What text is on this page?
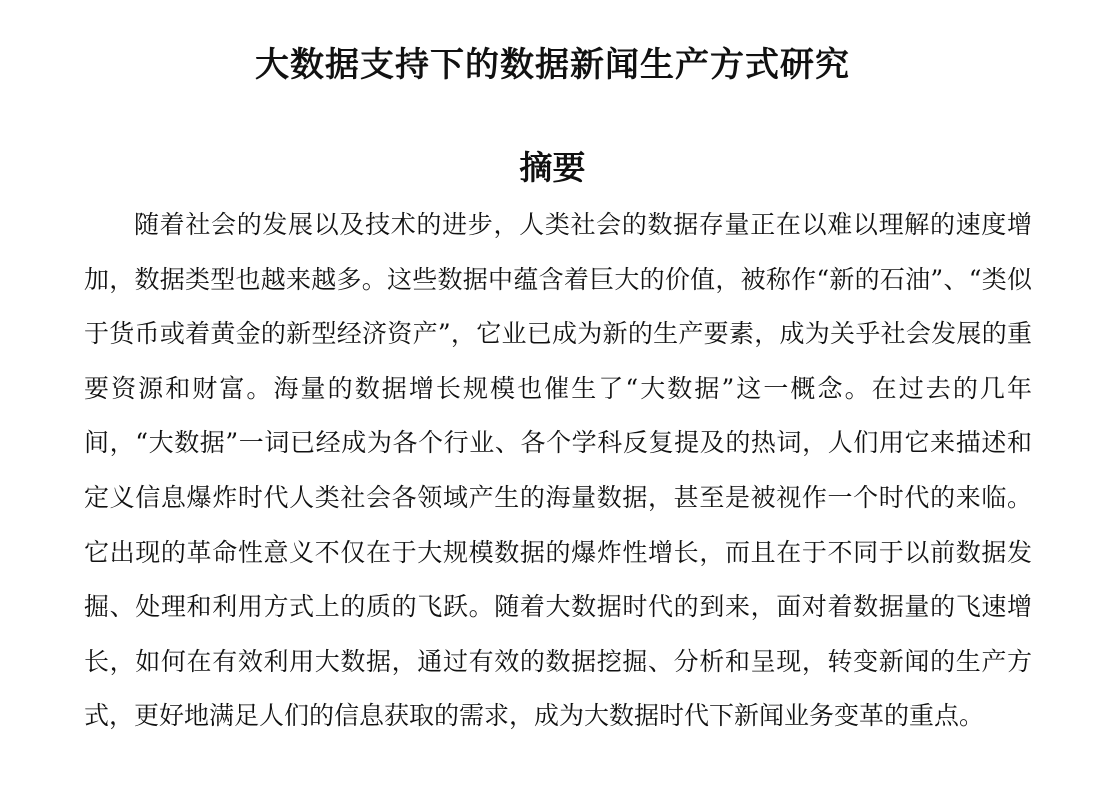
大数据支持下的数据新闻生产方式研究
摘要

随着社会的发展以及技术的进步，人类社会的数据存量正在以难以理解的速度增加，数据类型也越来越多。这些数据中蕴含着巨大的价值，被称作“新的石油”、“类似于货币或着黄金的新型经济资产”，它业已成为新的生产要素，成为关乎社会发展的重要资源和财富。海量的数据增长规模也催生了“大数据”这一概念。在过去的几年间，“大数据”一词已经成为各个行业、各个学科反复提及的热词，人们用它来描述和定义信息爆炸时代人类社会各领域产生的海量数据，甚至是被视作一个时代的来临。它出现的革命性意义不仅在于大规模数据的爆炸性增长，而且在于不同于以前数据发掘、处理和利用方式上的质的飞跃。随着大数据时代的到来，面对着数据量的飞速增长，如何在有效利用大数据，通过有效的数据挖掘、分析和呈现，转变新闻的生产方式，更好地满足人们的信息获取的需求，成为大数据时代下新闻业务变革的重点。
